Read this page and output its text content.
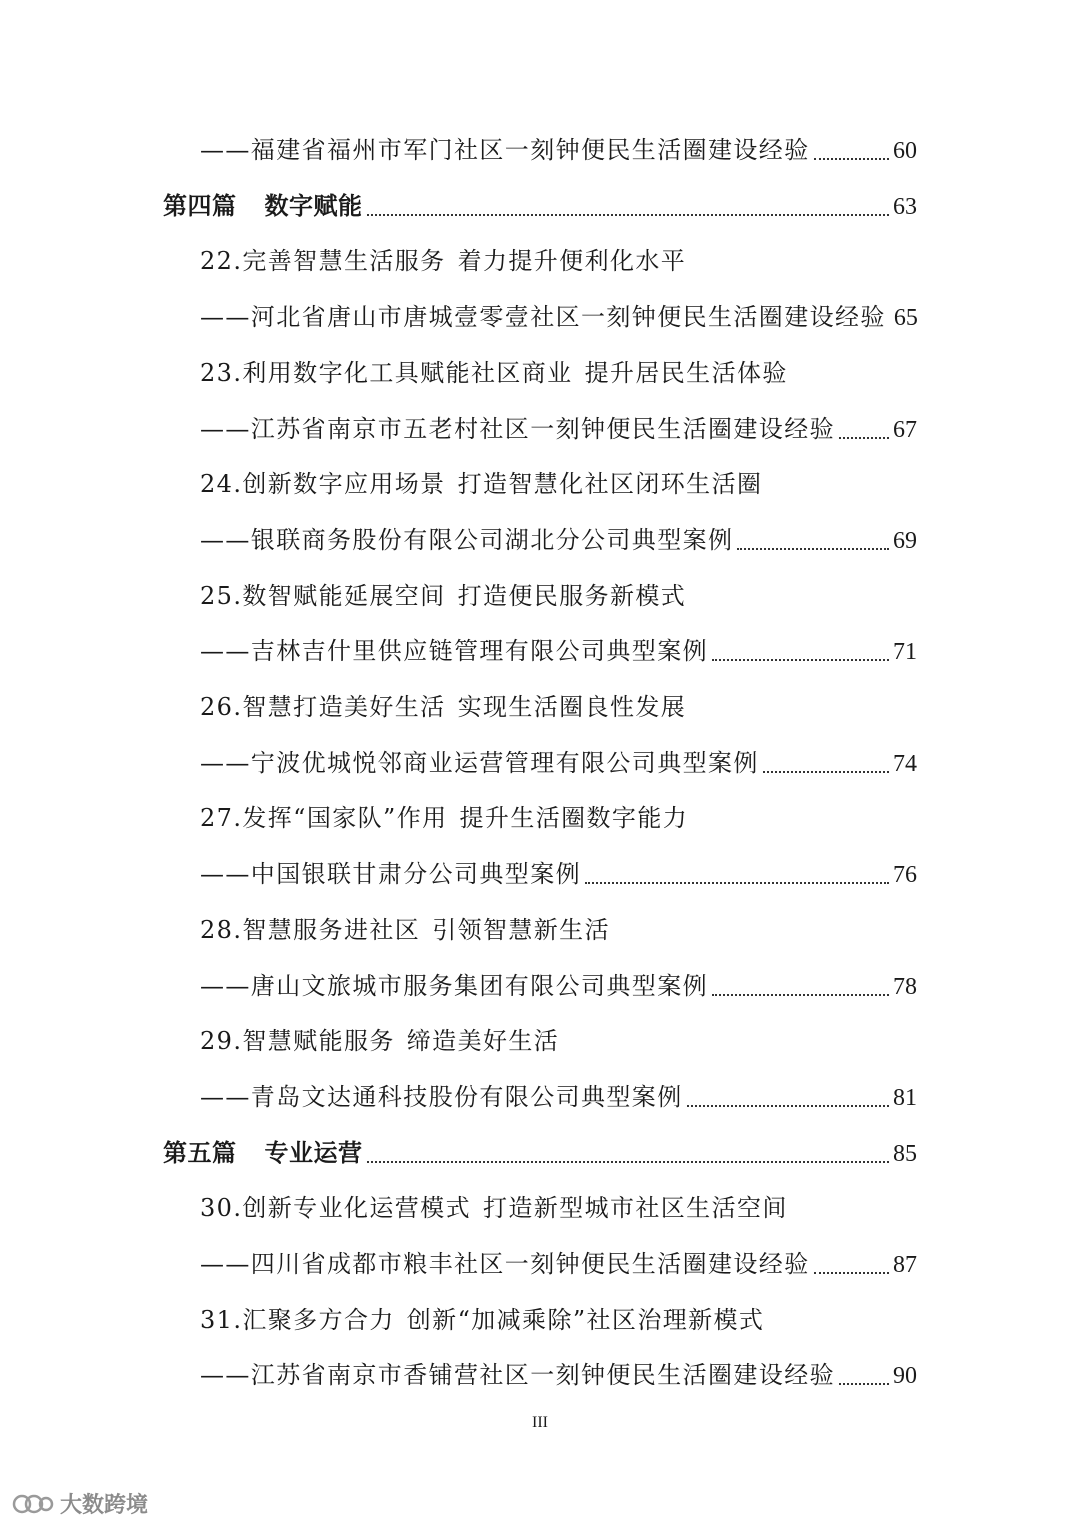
——福建省福州市军门社区一刻钟便民生活圈建设经验	60
第四篇 数字赋能	63
22.完善智慧生活服务 着力提升便利化水平
——河北省唐山市唐城壹零壹社区一刻钟便民生活圈建设经验 65
23.利用数字化工具赋能社区商业 提升居民生活体验
——江苏省南京市五老村社区一刻钟便民生活圈建设经验 67
24.创新数字应用场景 打造智慧化社区闭环生活圈
——银联商务股份有限公司湖北分公司典型案例	69
25.数智赋能延展空间 打造便民服务新模式
——吉林吉什里供应链管理有限公司典型案例	71
26.智慧打造美好生活 实现生活圈良性发展
——宁波优城悦邻商业运营管理有限公司典型案例	74
27.发挥“国家队”作用 提升生活圈数字能力
——中国银联甘肃分公司典型案例	76
28.智慧服务进社区 引领智慧新生活
——唐山文旅城市服务集团有限公司典型案例	78
29.智慧赋能服务 缔造美好生活
——青岛文达通科技股份有限公司典型案例	81
第五篇 专业运营	85
30.创新专业化运营模式 打造新型城市社区生活空间
——四川省成都市粮丰社区一刻钟便民生活圈建设经验	87
31.汇聚多方合力 创新“加减乘除”社区治理新模式
——江苏省南京市香铺营社区一刻钟便民生活圈建设经验 90
III
大数跨境
